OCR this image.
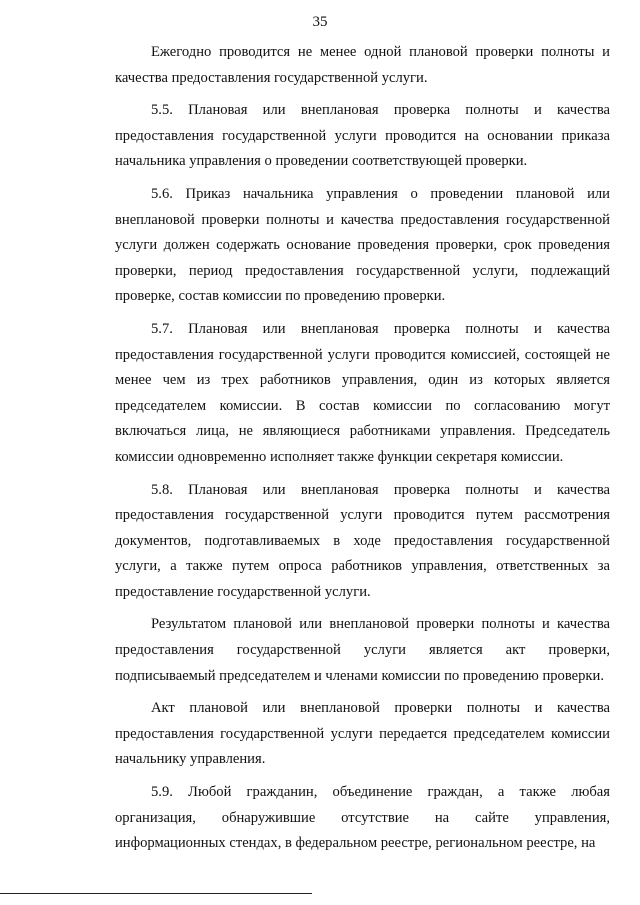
35

Ежегодно проводится не менее одной плановой проверки полноты и качества предоставления государственной услуги.

5.5. Плановая или внеплановая проверка полноты и качества предоставления государственной услуги проводится на основании приказа начальника управления о проведении соответствующей проверки.

5.6. Приказ начальника управления о проведении плановой или внеплановой проверки полноты и качества предоставления государственной услуги должен содержать основание проведения проверки, срок проведения проверки, период предоставления государственной услуги, подлежащий проверке, состав комиссии по проведению проверки.

5.7. Плановая или внеплановая проверка полноты и качества предоставления государственной услуги проводится комиссией, состоящей не менее чем из трех работников управления, один из которых является председателем комиссии. В состав комиссии по согласованию могут включаться лица, не являющиеся работниками управления. Председатель комиссии одновременно исполняет также функции секретаря комиссии.

5.8. Плановая или внеплановая проверка полноты и качества предоставления государственной услуги проводится путем рассмотрения документов, подготавливаемых в ходе предоставления государственной услуги, а также путем опроса работников управления, ответственных за предоставление государственной услуги.

Результатом плановой или внеплановой проверки полноты и качества предоставления государственной услуги является акт проверки, подписываемый председателем и членами комиссии по проведению проверки.

Акт плановой или внеплановой проверки полноты и качества предоставления государственной услуги передается председателем комиссии начальнику управления.

5.9. Любой гражданин, объединение граждан, а также любая организация, обнаружившие отсутствие на сайте управления, информационных стендах, в федеральном реестре, региональном реестре, на
